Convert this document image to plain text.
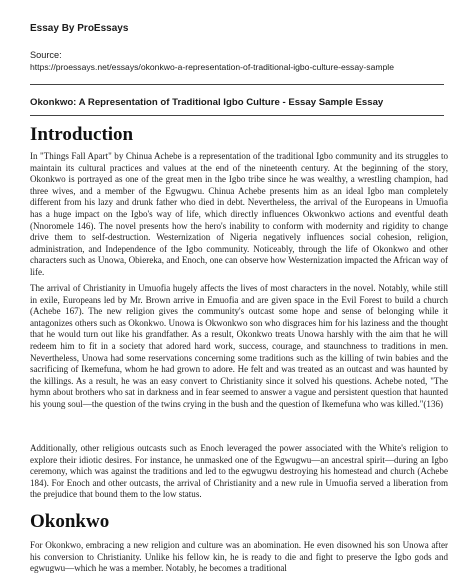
Essay By ProEssays
Source:
https://proessays.net/essays/okonkwo-a-representation-of-traditional-igbo-culture-essay-sample
Okonkwo: A Representation of Traditional Igbo Culture - Essay Sample Essay
Introduction

In "Things Fall Apart" by Chinua Achebe is a representation of the traditional Igbo community and its struggles to maintain its cultural practices and values at the end of the nineteenth century. At the beginning of the story, Okonkwo is portrayed as one of the great men in the Igbo tribe since he was wealthy, a wrestling champion, had three wives, and a member of the Egwugwu. Chinua Achebe presents him as an ideal Igbo man completely different from his lazy and drunk father who died in debt. Nevertheless, the arrival of the Europeans in Umuofia has a huge impact on the Igbo's way of life, which directly influences Okwonkwo actions and eventful death (Nnoromele 146). The novel presents how the hero's inability to conform with modernity and rigidity to change drive them to self-destruction. Westernization of Nigeria negatively influences social cohesion, religion, administration, and Independence of the Igbo community. Noticeably, through the life of Okonkwo and other characters such as Unowa, Obiereka, and Enoch, one can observe how Westernization impacted the African way of life.

The arrival of Christianity in Umuofia hugely affects the lives of most characters in the novel. Notably, while still in exile, Europeans led by Mr. Brown arrive in Emuofia and are given space in the Evil Forest to build a church (Achebe 167). The new religion gives the community's outcast some hope and sense of belonging while it antagonizes others such as Okonkwo. Unowa is Okwonkwo son who disgraces him for his laziness and the thought that he would turn out like his grandfather. As a result, Okonkwo treats Unowa harshly with the aim that he will redeem him to fit in a society that adored hard work, success, courage, and staunchness to traditions in men. Nevertheless, Unowa had some reservations concerning some traditions such as the killing of twin babies and the sacrificing of Ikemefuna, whom he had grown to adore. He felt and was treated as an outcast and was haunted by the killings. As a result, he was an easy convert to Christianity since it solved his questions. Achebe noted, "The hymn about brothers who sat in darkness and in fear seemed to answer a vague and persistent question that haunted his young soul—the question of the twins crying in the bush and the question of Ikemefuna who was killed."(136)

Additionally, other religious outcasts such as Enoch leveraged the power associated with the White's religion to explore their idiotic desires. For instance, he unmasked one of the Egwugwu—an ancestral spirit—during an Igbo ceremony, which was against the traditions and led to the egwugwu destroying his homestead and church (Achebe 184). For Enoch and other outcasts, the arrival of Christianity and a new rule in Umuofia served a liberation from the prejudice that bound them to the low status.

Okonkwo

For Okonkwo, embracing a new religion and culture was an abomination. He even disowned his son Unowa after his conversion to Christianity. Unlike his fellow kin, he is ready to die and fight to preserve the Igbo gods and egwugwu—which he was a member. Notably, he becomes a traditional
